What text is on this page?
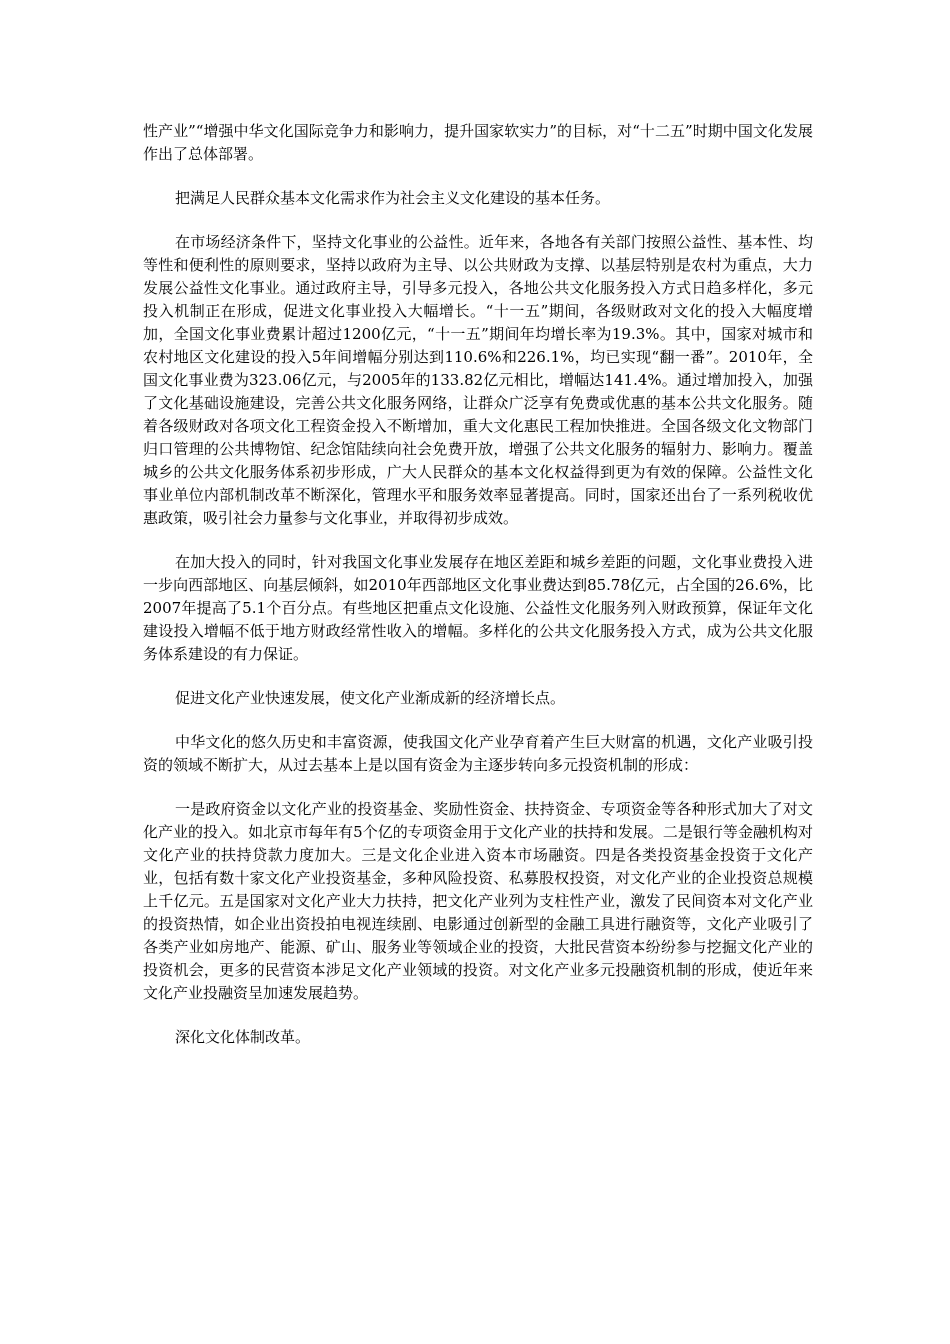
性产业”“增强中华文化国际竞争力和影响力，提升国家软实力”的目标，对“十二五”时期中国文化发展作出了总体部署。

把满足人民群众基本文化需求作为社会主义文化建设的基本任务。

在市场经济条件下，坚持文化事业的公益性。近年来，各地各有关部门按照公益性、基本性、均等性和便利性的原则要求，坚持以政府为主导、以公共财政为支撑、以基层特别是农村为重点，大力发展公益性文化事业。通过政府主导，引导多元投入，各地公共文化服务投入方式日趋多样化，多元投入机制正在形成，促进文化事业投入大幅增长。“十一五”期间，各级财政对文化的投入大幅度增加，全国文化事业费累计超过1200亿元，“十一五”期间年均增长率为19.3%。其中，国家对城市和农村地区文化建设的投入5年间增幅分别达到110.6%和226.1%，均已实现“翻一番”。2010年，全国文化事业费为323.06亿元，与2005年的133.82亿元相比，增幅达141.4%。通过增加投入，加强了文化基础设施建设，完善公共文化服务网络，让群众广泛享有免费或优惠的基本公共文化服务。随着各级财政对各项文化工程资金投入不断增加，重大文化惠民工程加快推进。全国各级文化文物部门归口管理的公共博物馆、纪念馆陆续向社会免费开放，增强了公共文化服务的辐射力、影响力。覆盖城乡的公共文化服务体系初步形成，广大人民群众的基本文化权益得到更为有效的保障。公益性文化事业单位内部机制改革不断深化，管理水平和服务效率显著提高。同时，国家还出台了一系列税收优惠政策，吸引社会力量参与文化事业，并取得初步成效。

在加大投入的同时，针对我国文化事业发展存在地区差距和城乡差距的问题，文化事业费投入进一步向西部地区、向基层倾斜，如2010年西部地区文化事业费达到85.78亿元，占全国的26.6%，比2007年提高了5.1个百分点。有些地区把重点文化设施、公益性文化服务列入财政预算，保证年文化建设投入增幅不低于地方财政经常性收入的增幅。多样化的公共文化服务投入方式，成为公共文化服务体系建设的有力保证。

促进文化产业快速发展，使文化产业渐成新的经济增长点。

中华文化的悠久历史和丰富资源，使我国文化产业孕育着产生巨大财富的机遇，文化产业吸引投资的领域不断扩大，从过去基本上是以国有资金为主逐步转向多元投资机制的形成：

一是政府资金以文化产业的投资基金、奖励性资金、扶持资金、专项资金等各种形式加大了对文化产业的投入。如北京市每年有5个亿的专项资金用于文化产业的扶持和发展。二是银行等金融机构对文化产业的扶持贷款力度加大。三是文化企业进入资本市场融资。四是各类投资基金投资于文化产业，包括有数十家文化产业投资基金，多种风险投资、私募股权投资，对文化产业的企业投资总规模上千亿元。五是国家对文化产业大力扶持，把文化产业列为支柱性产业，激发了民间资本对文化产业的投资热情，如企业出资投拍电视连续剧、电影通过创新型的金融工具进行融资等，文化产业吸引了各类产业如房地产、能源、矿山、服务业等领域企业的投资，大批民营资本纷纷参与挖掘文化产业的投资机会，更多的民营资本涉足文化产业领域的投资。对文化产业多元投融资机制的形成，使近年来文化产业投融资呈加速发展趋势。

深化文化体制改革。
